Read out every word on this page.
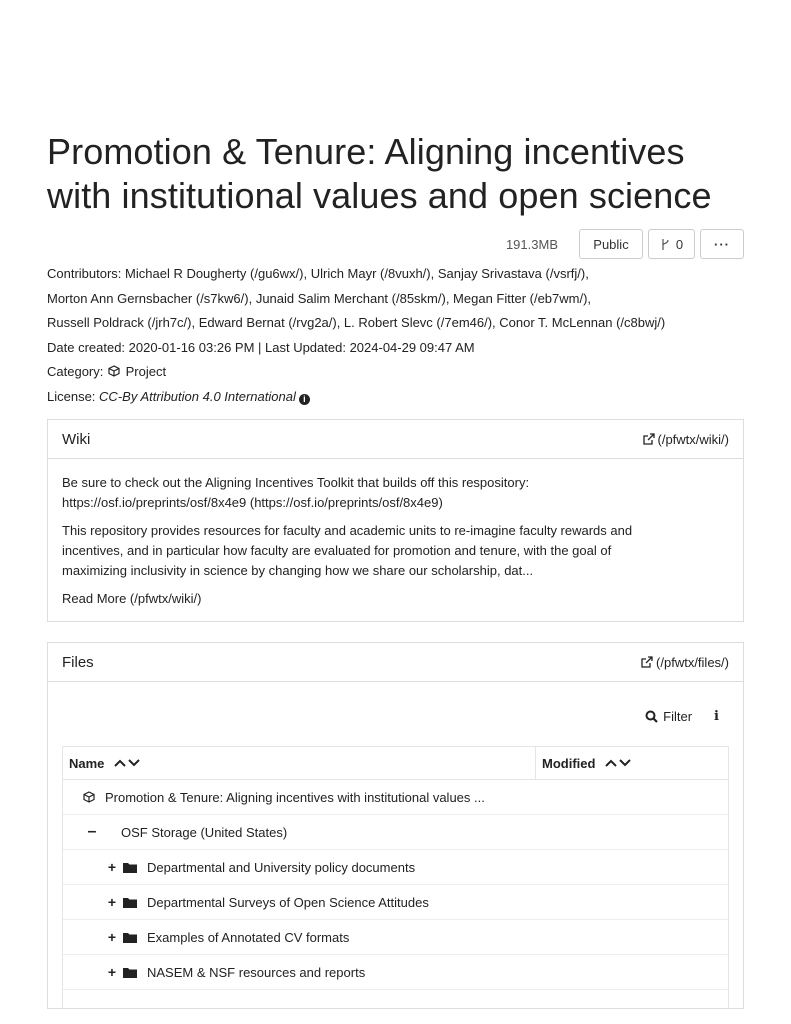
Promotion & Tenure: Aligning incentives
with institutional values and open science
191.3MB	Public	0	···
Contributors: Michael R Dougherty (/gu6wx/), Ulrich Mayr (/8vuxh/), Sanjay Srivastava (/vsrfj/),
Morton Ann Gernsbacher (/s7kw6/), Junaid Salim Merchant (/85skm/), Megan Fitter (/eb7wm/),
Russell Poldrack (/jrh7c/), Edward Bernat (/rvg2a/), L. Robert Slevc (/7em46/), Conor T. McLennan (/c8bwj/)
Date created: 2020-01-16 03:26 PM | Last Updated: 2024-04-29 09:47 AM
Category: Project
License: CC-By Attribution 4.0 International i
Wiki	(/pfwtx/wiki/)

Be sure to check out the Aligning Incentives Toolkit that builds off this respository:
https://osf.io/preprints/osf/8x4e9 (https://osf.io/preprints/osf/8x4e9)

This repository provides resources for faculty and academic units to re-imagine faculty rewards and
incentives, and in particular how faculty are evaluated for promotion and tenure, with the goal of
maximizing inclusivity in science by changing how we share our scholarship, dat...

Read More (/pfwtx/wiki/)

Files	(/pfwtx/files/)
Filter i
Name	Modified
Promotion & Tenure: Aligning incentives with institutional values ...
– OSF Storage (United States)
+ Departmental and University policy documents
+ Departmental Surveys of Open Science Attitudes
+ Examples of Annotated CV formats
+ NASEM & NSF resources and reports
